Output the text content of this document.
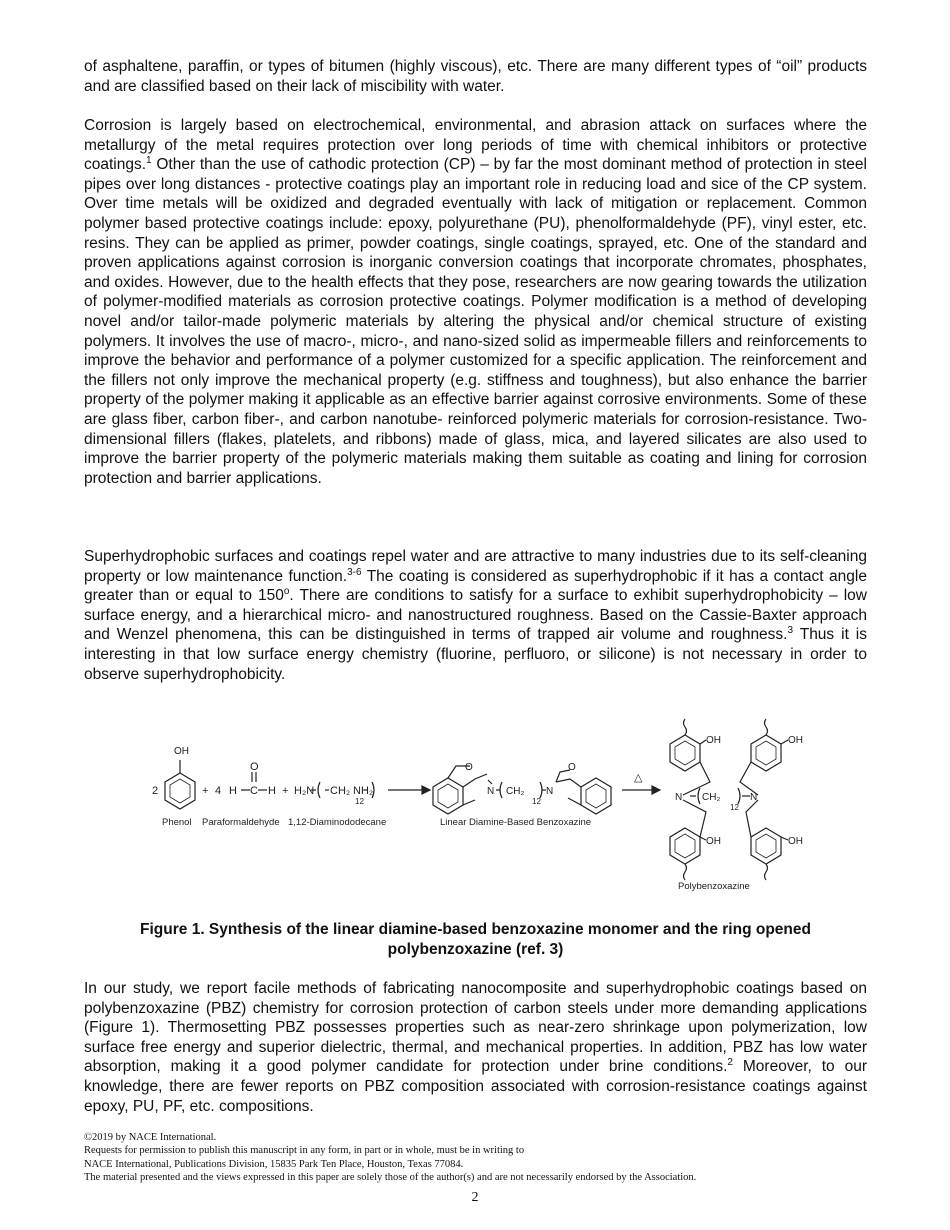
of asphaltene, paraffin, or types of bitumen (highly viscous), etc. There are many different types of “oil” products and are classified based on their lack of miscibility with water.

Corrosion is largely based on electrochemical, environmental, and abrasion attack on surfaces where the metallurgy of the metal requires protection over long periods of time with chemical inhibitors or protective coatings.$^1$ Other than the use of cathodic protection (CP) – by far the most dominant method of protection in steel pipes over long distances - protective coatings play an important role in reducing load and sice of the CP system. Over time metals will be oxidized and degraded eventually with lack of mitigation or replacement. Common polymer based protective coatings include: epoxy, polyurethane (PU), phenolformaldehyde (PF), vinyl ester, etc. resins. They can be applied as primer, powder coatings, single coatings, sprayed, etc. One of the standard and proven applications against corrosion is inorganic conversion coatings that incorporate chromates, phosphates, and oxides. However, due to the health effects that they pose, researchers are now gearing towards the utilization of polymer-modified materials as corrosion protective coatings. Polymer modification is a method of developing novel and/or tailor-made polymeric materials by altering the physical and/or chemical structure of existing polymers. It involves the use of macro-, micro-, and nano-sized solid as impermeable fillers and reinforcements to improve the behavior and performance of a polymer customized for a specific application. The reinforcement and the fillers not only improve the mechanical property (e.g. stiffness and toughness), but also enhance the barrier property of the polymer making it applicable as an effective barrier against corrosive environments. Some of these are glass fiber, carbon fiber-, and carbon nanotube- reinforced polymeric materials for corrosion-resistance. Two-dimensional fillers (flakes, platelets, and ribbons) made of glass, mica, and layered silicates are also used to improve the barrier property of the polymeric materials making them suitable as coating and lining for corrosion protection and barrier applications.

Superhydrophobic surfaces and coatings repel water and are attractive to many industries due to its self-cleaning property or low maintenance function.$^{3-6}$ The coating is considered as superhydrophobic if it has a contact angle greater than or equal to 150$^o$. There are conditions to satisfy for a surface to exhibit superhydrophobicity – low surface energy, and a hierarchical micro- and nanostructured roughness. Based on the Cassie-Baxter approach and Wenzel phenomena, this can be distinguished in terms of trapped air volume and roughness.$^3$ Thus it is interesting in that low surface energy chemistry (fluorine, perfluoro, or silicone) is not necessary in order to observe superhydrophobicity.

OH
2	+ 4 H C H
O
+ H₂N CH₂
12
NH₂
O
N CH₂
12
N
O
△
OH	OH
OH	OH
N CH₂
12
N
Phenol Paraformaldehyde 1,12-Diaminododecane	Linear Diamine-Based Benzoxazine
Polybenzoxazine
Figure 1. Synthesis of the linear diamine-based benzoxazine monomer and the ring opened polybenzoxazine (ref. 3)

In our study, we report facile methods of fabricating nanocomposite and superhydrophobic coatings based on polybenzoxazine (PBZ) chemistry for corrosion protection of carbon steels under more demanding applications (Figure 1). Thermosetting PBZ possesses properties such as near-zero shrinkage upon polymerization, low surface free energy and superior dielectric, thermal, and mechanical properties. In addition, PBZ has low water absorption, making it a good polymer candidate for protection under brine conditions.$^2$ Moreover, to our knowledge, there are fewer reports on PBZ composition associated with corrosion-resistance coatings against epoxy, PU, PF, etc. compositions.

©2019 by NACE International.
Requests for permission to publish this manuscript in any form, in part or in whole, must be in writing to
NACE International, Publications Division, 15835 Park Ten Place, Houston, Texas 77084.
The material presented and the views expressed in this paper are solely those of the author(s) and are not necessarily endorsed by the Association.
2
